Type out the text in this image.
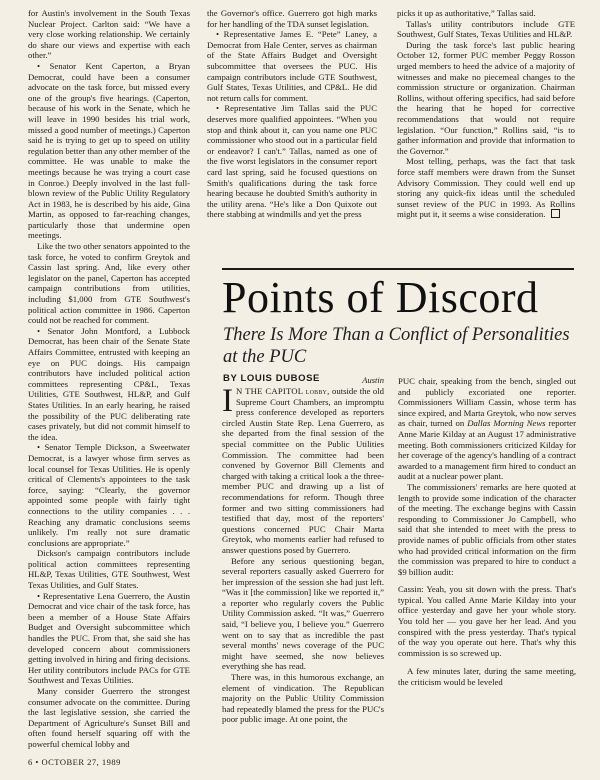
for Austin's involvement in the South Texas Nuclear Project. Carlton said: “We have a very close working relationship. We certainly do share our views and expertise with each other.”

• Senator Kent Caperton, a Bryan Democrat, could have been a consumer advocate on the task force, but missed every one of the group's five hearings. (Caperton, because of his work in the Senate, which he will leave in 1990 besides his trial work, missed a good number of meetings.) Caperton said he is trying to get up to speed on utility regulation better than any other member of the committee. He was unable to make the meetings because he was trying a court case in Conroe.) Deeply involved in the last full-blown review of the Public Utility Regulatory Act in 1983, he is described by his aide, Gina Martin, as opposed to far-reaching changes, particularly those that undermine open meetings.

Like the two other senators appointed to the task force, he voted to confirm Greytok and Cassin last spring. And, like every other legislator on the panel, Caperton has accepted campaign contributions from utilities, including $1,000 from GTE Southwest's political action committee in 1986. Caperton could not be reached for comment.

• Senator John Montford, a Lubbock Democrat, has been chair of the Senate State Affairs Committee, entrusted with keeping an eye on PUC doings. His campaign contributors have included political action committees representing CP&L, Texas Utilities, GTE Southwest, HL&P, and Gulf States Utilities. In an early hearing, he raised the possibility of the PUC deliberating rate cases privately, but did not commit himself to the idea.

• Senator Temple Dickson, a Sweetwater Democrat, is a lawyer whose firm serves as local counsel for Texas Utilities. He is openly critical of Clements's appointees to the task force, saying: “Clearly, the governor appointed some people with fairly tight connections to the utility companies . . . Reaching any dramatic conclusions seems unlikely. I'm really not sure dramatic conclusions are appropriate.”

Dickson's campaign contributors include political action committees representing HL&P, Texas Utilities, GTE Southwest, West Texas Utilities, and Gulf States.

• Representative Lena Guerrero, the Austin Democrat and vice chair of the task force, has been a member of a House State Affairs Budget and Oversight subcommittee which handles the PUC. From that, she said she has developed concern about commissioners getting involved in hiring and firing decisions. Her utility contributors include PACs for GTE Southwest and Texas Utilities.

Many consider Guerrero the strongest consumer advocate on the committee. During the last legislative session, she carried the Department of Agriculture's Sunset Bill and often found herself squaring off with the powerful chemical lobby and

the Governor's office. Guerrero got high marks for her handling of the TDA sunset legislation.

• Representative James E. “Pete” Laney, a Democrat from Hale Center, serves as chairman of the State Affairs Budget and Oversight subcommittee that oversees the PUC. His campaign contributors include GTE Southwest, Gulf States, Texas Utilities, and CP&L. He did not return calls for comment.

• Representative Jim Tallas said the PUC deserves more qualified appointees. “When you stop and think about it, can you name one PUC commissioner who stood out in a particular field or endeavor? I can't.” Tallas, named as one of the five worst legislators in the consumer report card last spring, said he focused questions on Smith's qualifications during the task force hearing because he doubted Smith's authority in the utility arena. “He's like a Don Quixote out there stabbing at windmills and yet the press

picks it up as authoritative,” Tallas said.

Tallas's utility contributors include GTE Southwest, Gulf States, Texas Utilities and HL&P.

During the task force's last public hearing October 12, former PUC member Peggy Rosson urged members to heed the advice of a majority of witnesses and make no piecemeal changes to the commission structure or organization. Chairman Rollins, without offering specifics, had said before the hearing that he hoped for corrective recommendations that would not require legislation. “Our function,” Rollins said, “is to gather information and provide that information to the Governor.”

Most telling, perhaps, was the fact that task force staff members were drawn from the Sunset Advisory Commission. They could well end up storing any quick-fix ideas until the scheduled sunset review of the PUC in 1993. As Rollins might put it, it seems a wise consideration.

Points of Discord
There Is More Than a Conflict of Personalities at the PUC
BY LOUIS DUBOSE	Austin

I N THE CAPITOL lobby, outside the old Supreme Court Chambers, an impromptu press conference developed as reporters circled Austin State Rep. Lena Guerrero, as she departed from the final session of the special committee on the Public Utilities Commission. The committee had been convened by Governor Bill Clements and charged with taking a critical look a the three-member PUC and drawing up a list of recommendations for reform. Though three former and two sitting commissioners had testified that day, most of the reporters' questions concerned PUC Chair Marta Greytok, who moments earlier had refused to answer questions posed by Guerrero.

Before any serious questioning began, several reporters casually asked Guerrero for her impression of the session she had just left. “Was it [the commission] like we reported it,” a reporter who regularly covers the Public Utility Commission asked. “It was,” Guerrero said, “I believe you, I believe you.” Guerrero went on to say that as incredible the past several months' news coverage of the PUC might have seemed, she now believes everything she has read.

There was, in this humorous exchange, an element of vindication. The Republican majority on the Public Utility Commission had repeatedly blamed the press for the PUC's poor public image. At one point, the

PUC chair, speaking from the bench, singled out and publicly excoriated one reporter. Commissioners William Cassin, whose term has since expired, and Marta Greytok, who now serves as chair, turned on Dallas Morning News reporter Anne Marie Kilday at an August 17 administrative meeting. Both commissioners criticized Kilday for her coverage of the agency's handling of a contract awarded to a management firm hired to conduct an audit at a nuclear power plant.

The commissioners' remarks are here quoted at length to provide some indication of the character of the meeting. The exchange begins with Cassin responding to Commissioner Jo Campbell, who said that she intended to meet with the press to provide names of public officials from other states who had provided critical information on the firm the commission was prepared to hire to conduct a $9 billion audit:

Cassin: Yeah, you sit down with the press. That's typical. You called Anne Marie Kilday into your office yesterday and gave her your whole story. You told her — you gave her her lead. And you conspired with the press yesterday. That's typical of the way you operate out here. That's why this commission is so screwed up.

A few minutes later, during the same meeting, the criticism would be leveled

6 • OCTOBER 27, 1989
